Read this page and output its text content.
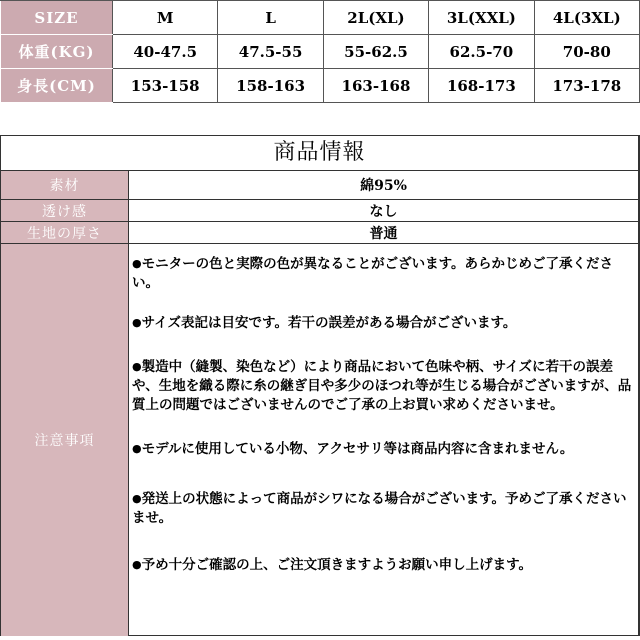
SIZE	M	L	2L(XL)	3L(XXL)	4L(3XL)
体重(KG)	40-47.5	47.5-55	55-62.5	62.5-70	70-80
身長(CM)	153-158	158-163	163-168	168-173	173-178
商品情報
素材	綿95%
透け感	なし
生地の厚さ	普通
注意事項

●モニターの色と実際の色が異なることがございます。あらかじめご了承ください。

●サイズ表記は目安です。若干の誤差がある場合がございます。

●製造中（縫製、染色など）により商品において色味や柄、サイズに若干の誤差や、生地を織る際に糸の継ぎ目や多少のほつれ等が生じる場合がございますが、品質上の問題ではございませんのでご了承の上お買い求めくださいませ。

●モデルに使用している小物、アクセサリ等は商品内容に含まれません。

●発送上の状態によって商品がシワになる場合がございます。予めご了承くださいませ。

●予め十分ご確認の上、ご注文頂きますようお願い申し上げます。
